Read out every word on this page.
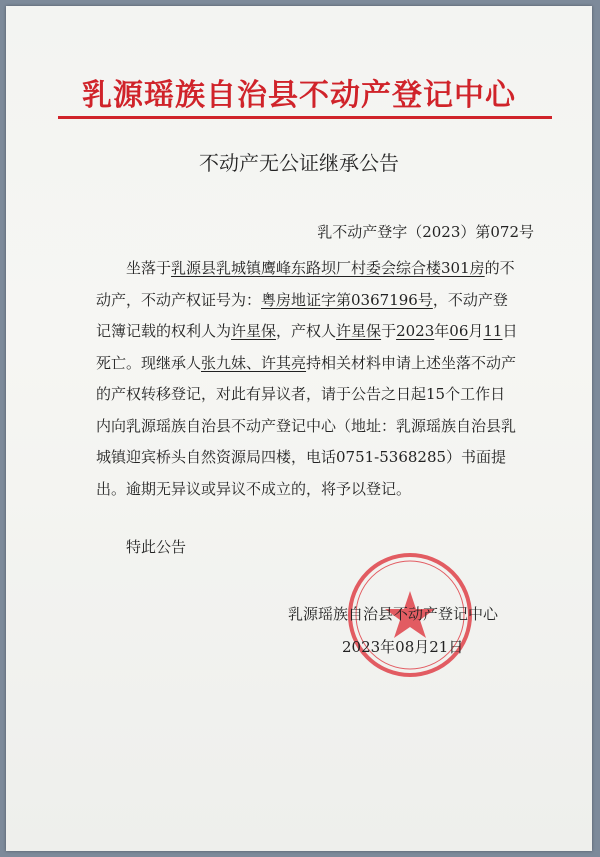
乳源瑶族自治县不动产登记中心
不动产无公证继承公告
乳不动产登字（2023）第072号
坐落于乳源县乳城镇鹰峰东路坝厂村委会综合楼301房的不动产，不动产权证号为：粤房地证字第0367196号，不动产登记簿记载的权利人为许星保，产权人许星保于2023年06月11日死亡。现继承人张九妹、许其亮持相关材料申请上述坐落不动产的产权转移登记，对此有异议者，请于公告之日起15个工作日内向乳源瑶族自治县不动产登记中心（地址：乳源瑶族自治县乳城镇迎宾桥头自然资源局四楼，电话0751-5368285）书面提出。逾期无异议或异议不成立的，将予以登记。
特此公告
乳源瑶族自治县不动产登记中心
2023年08月21日
